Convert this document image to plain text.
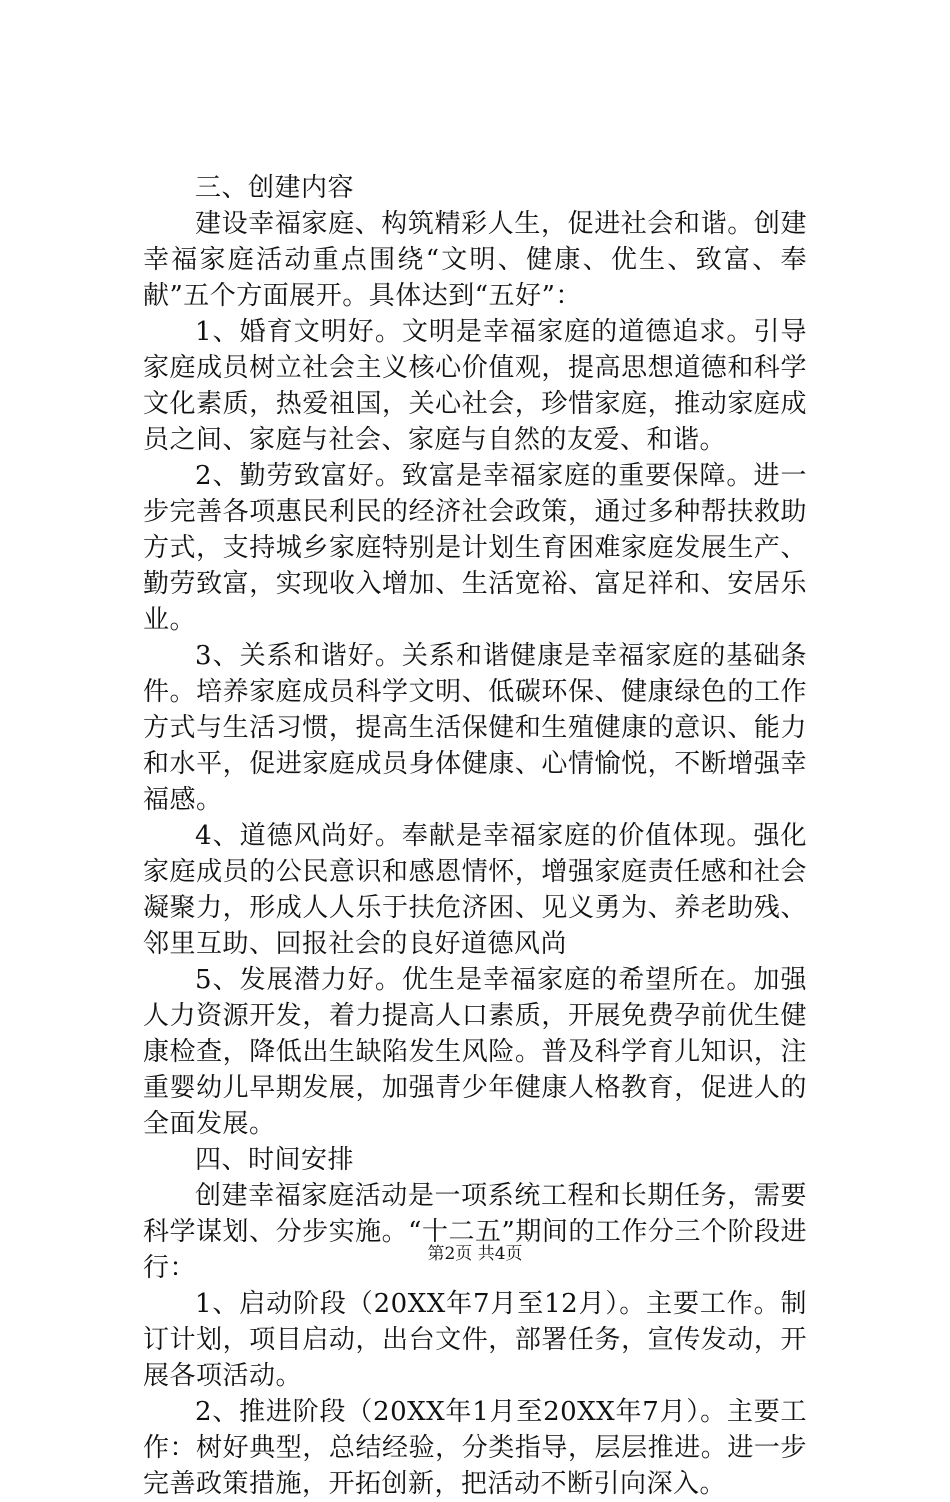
三、创建内容

建设幸福家庭、构筑精彩人生，促进社会和谐。创建幸福家庭活动重点围绕“文明、健康、优生、致富、奉献”五个方面展开。具体达到“五好”：

1、婚育文明好。文明是幸福家庭的道德追求。引导家庭成员树立社会主义核心价值观，提高思想道德和科学文化素质，热爱祖国，关心社会，珍惜家庭，推动家庭成员之间、家庭与社会、家庭与自然的友爱、和谐。

2、勤劳致富好。致富是幸福家庭的重要保障。进一步完善各项惠民利民的经济社会政策，通过多种帮扶救助方式，支持城乡家庭特别是计划生育困难家庭发展生产、勤劳致富，实现收入增加、生活宽裕、富足祥和、安居乐业。

3、关系和谐好。关系和谐健康是幸福家庭的基础条件。培养家庭成员科学文明、低碳环保、健康绿色的工作方式与生活习惯，提高生活保健和生殖健康的意识、能力和水平，促进家庭成员身体健康、心情愉悦，不断增强幸福感。

4、道德风尚好。奉献是幸福家庭的价值体现。强化家庭成员的公民意识和感恩情怀，增强家庭责任感和社会凝聚力，形成人人乐于扶危济困、见义勇为、养老助残、邻里互助、回报社会的良好道德风尚

5、发展潜力好。优生是幸福家庭的希望所在。加强人力资源开发，着力提高人口素质，开展免费孕前优生健康检查，降低出生缺陷发生风险。普及科学育儿知识，注重婴幼儿早期发展，加强青少年健康人格教育，促进人的全面发展。

四、时间安排

创建幸福家庭活动是一项系统工程和长期任务，需要科学谋划、分步实施。“十二五”期间的工作分三个阶段进行：

1、启动阶段（20XX年7月至12月）。主要工作。制订计划，项目启动，出台文件，部署任务，宣传发动，开展各项活动。

2、推进阶段（20XX年1月至20XX年7月）。主要工作：树好典型，总结经验，分类指导，层层推进。进一步完善政策措施，开拓创新，把活动不断引向深入。

第2页 共4页
